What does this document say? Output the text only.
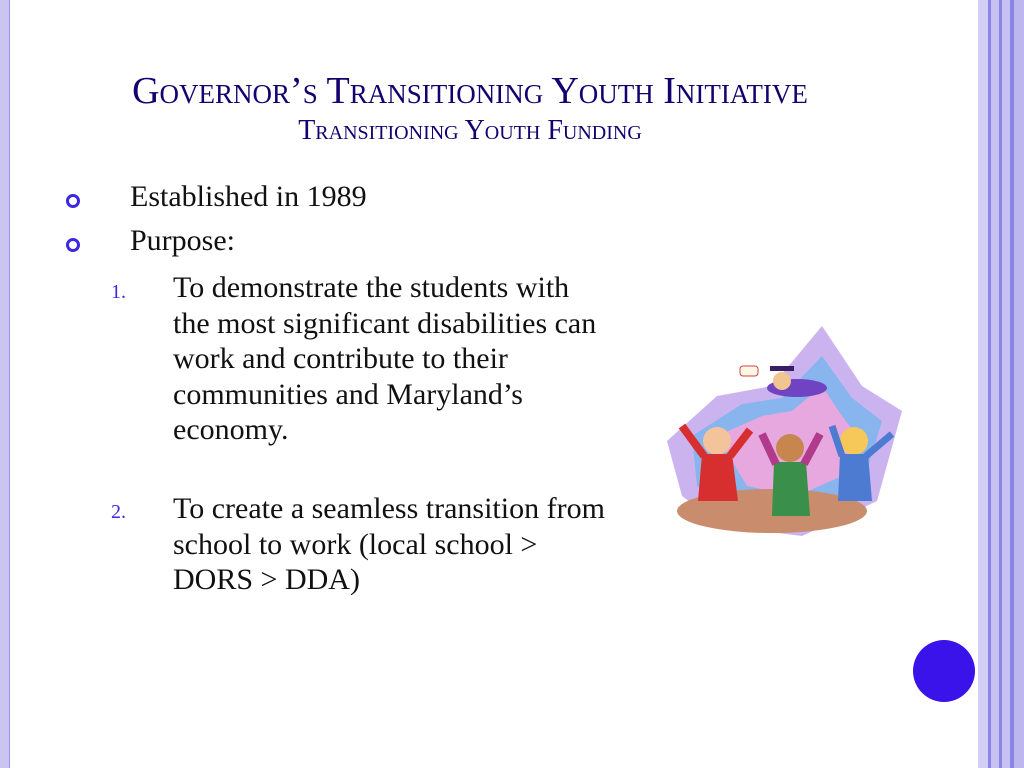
Governor’s Transitioning Youth Initiative
Transitioning Youth Funding
Established in 1989
Purpose:
1. To demonstrate the students with the most significant disabilities can work and contribute to their communities and Maryland’s economy.
2. To create a seamless transition from school to work (local school > DORS > DDA)
